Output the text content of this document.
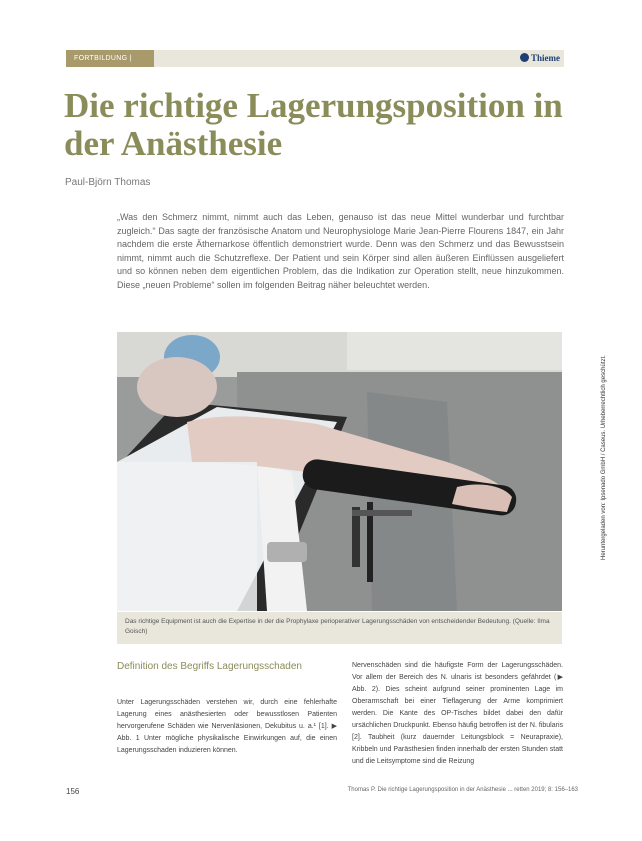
FORTBILDUNG | LAGERUNG
Thieme
Die richtige Lagerungsposition in der Anästhesie

Paul-Björn Thomas

„Was den Schmerz nimmt, nimmt auch das Leben, genauso ist das neue Mittel wunderbar und furchtbar zugleich.“ Das sagte der französische Anatom und Neurophysiologe Marie Jean-Pierre Flourens 1847, ein Jahr nachdem die erste Äthernarkose öffentlich demonstriert wurde. Denn was den Schmerz und das Bewusstsein nimmt, nimmt auch die Schutzreflexe. Der Patient und sein Körper sind allen äußeren Einflüssen ausgeliefert und so können neben dem eigentlichen Problem, das die Indikation zur Operation stellt, neue hinzukommen. Diese „neuen Probleme“ sollen im folgenden Beitrag näher beleuchtet werden.

Das richtige Equipment ist auch die Expertise in der die Prophylaxe perioperativer Lagerungsschäden von entscheidender Bedeutung. (Quelle: Ilma Goisch)

Definition des Begriffs Lagerungsschaden

Unter Lagerungsschäden verstehen wir, durch eine fehlerhafte Lagerung eines anästhesierten oder bewusstlosen Patienten hervorgerufene Schäden wie Nervenläsionen, Dekubitus u. a.¹ [1]. ▶ Abb. 1 Unter mögliche physikalische Einwirkungen auf, die einen Lagerungsschaden induzieren können.

Nervenschäden sind die häufigste Form der Lagerungsschäden. Vor allem der Bereich des N. ulnaris ist besonders gefährdet (▶ Abb. 2). Dies scheint aufgrund seiner prominenten Lage im Oberarmschaft bei einer Tieflagerung der Arme komprimiert werden. Die Kante des OP-Tisches bildet dabei den dafür ursächlichen Druckpunkt. Ebenso häufig betroffen ist der N. fibularis [2]. Taubheit (kurz dauernder Leitungsblock = Neurapraxie), Kribbeln und Parästhesien finden innerhalb der ersten Stunden statt und die Leitsymptome sind die Reizung

Heruntergeladen von: Ipsenado GmbH / Caseus. Urheberrechtlich geschützt.

156	Thomas P. Die richtige Lagerungsposition in der Anästhesie ... retten 2019; 8: 156–163
